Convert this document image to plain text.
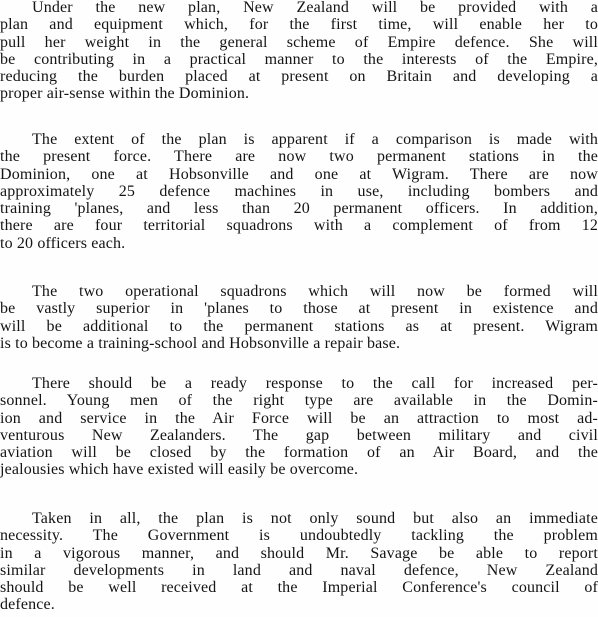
Under the new plan, New Zealand will be provided with a
plan and equipment which, for the first time, will enable her to
pull her weight in the general scheme of Empire defence. She will
be contributing in a practical manner to the interests of the Empire,
reducing the burden placed at present on Britain and developing a
proper air-sense within the Dominion.
The extent of the plan is apparent if a comparison is made with
the present force. There are now two permanent stations in the
Dominion, one at Hobsonville and one at Wigram. There are now
approximately 25 defence machines in use, including bombers and
training 'planes, and less than 20 permanent officers. In addition,
there are four territorial squadrons with a complement of from 12
to 20 officers each.
The two operational squadrons which will now be formed will
be vastly superior in 'planes to those at present in existence and
will be additional to the permanent stations as at present. Wigram
is to become a training-school and Hobsonville a repair base.
There should be a ready response to the call for increased per-
sonnel. Young men of the right type are available in the Domin-
ion and service in the Air Force will be an attraction to most ad-
venturous New Zealanders. The gap between military and civil
aviation will be closed by the formation of an Air Board, and the
jealousies which have existed will easily be overcome.
Taken in all, the plan is not only sound but also an immediate
necessity. The Government is undoubtedly tackling the problem
in a vigorous manner, and should Mr. Savage be able to report
similar developments in land and naval defence, New Zealand
should be well received at the Imperial Conference's council of
defence.
